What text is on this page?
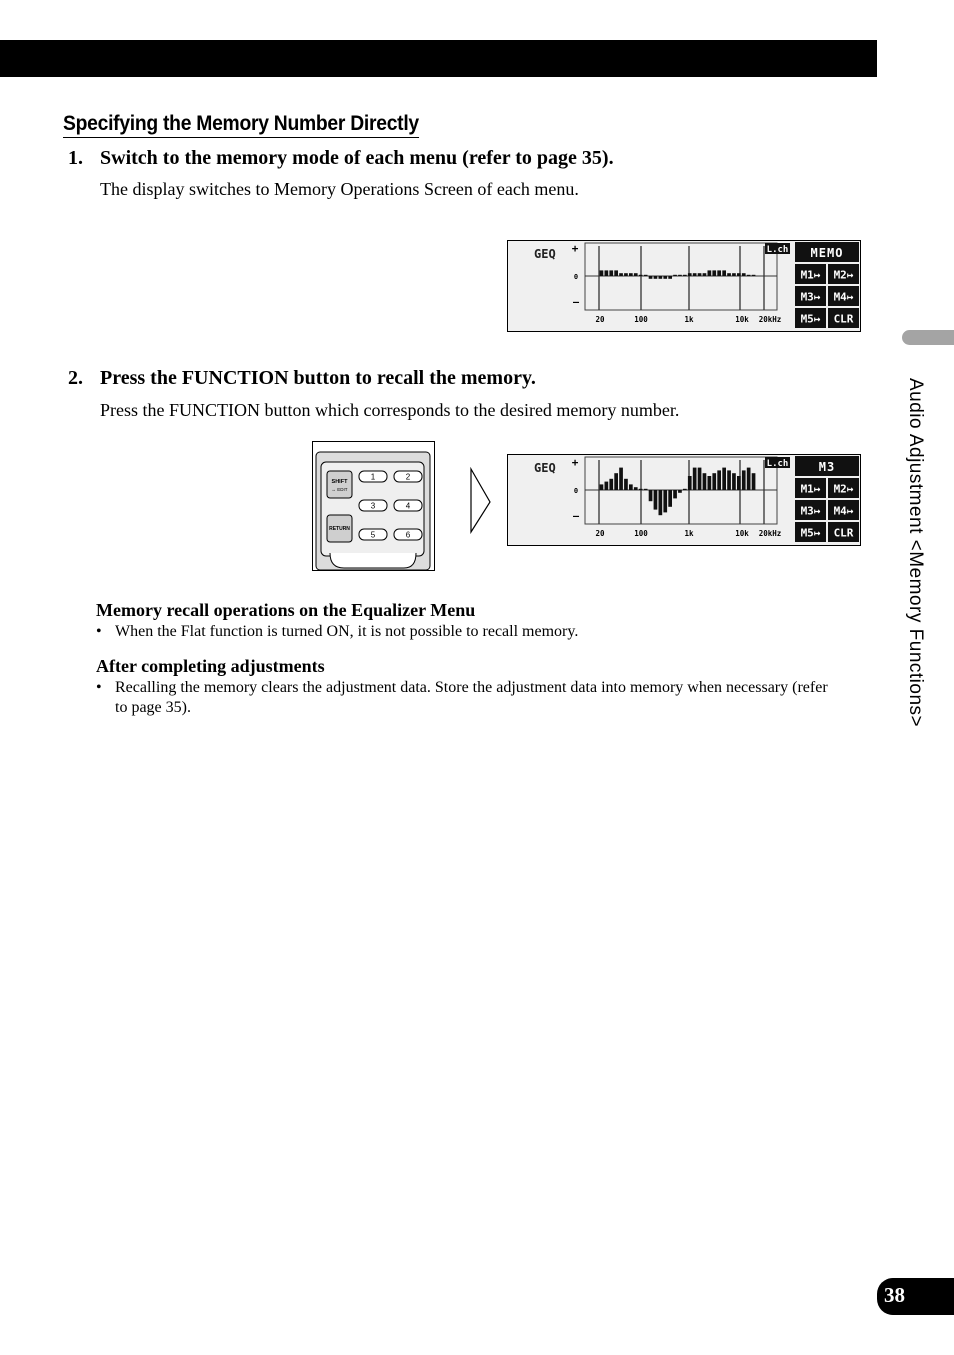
Specifying the Memory Number Directly
1. Switch to the memory mode of each menu (refer to page 35).
The display switches to Memory Operations Screen of each menu.
GEQ +
0
–
L.ch
20	100	1k	10k 20kHz
MEMO
M1↦ M2↦
M3↦ M4↦
M5↦ CLR
2. Press the FUNCTION button to recall the memory.
Press the FUNCTION button which corresponds to the desired memory number.
SHIFT
↔ EDIT
RETURN
1	2
3	4
5	6
GEQ +
0
–
L.ch
20	100	1k	10k 20kHz
M3
M1↦ M2↦
M3↦ M4↦
M5↦ CLR
Memory recall operations on the Equalizer Menu
• When the Flat function is turned ON, it is not possible to recall memory.
After completing adjustments
• Recalling the memory clears the adjustment data. Store the adjustment data into memory when necessary (refer to page 35).	Audio Adjustment <Memory Functions>
38
